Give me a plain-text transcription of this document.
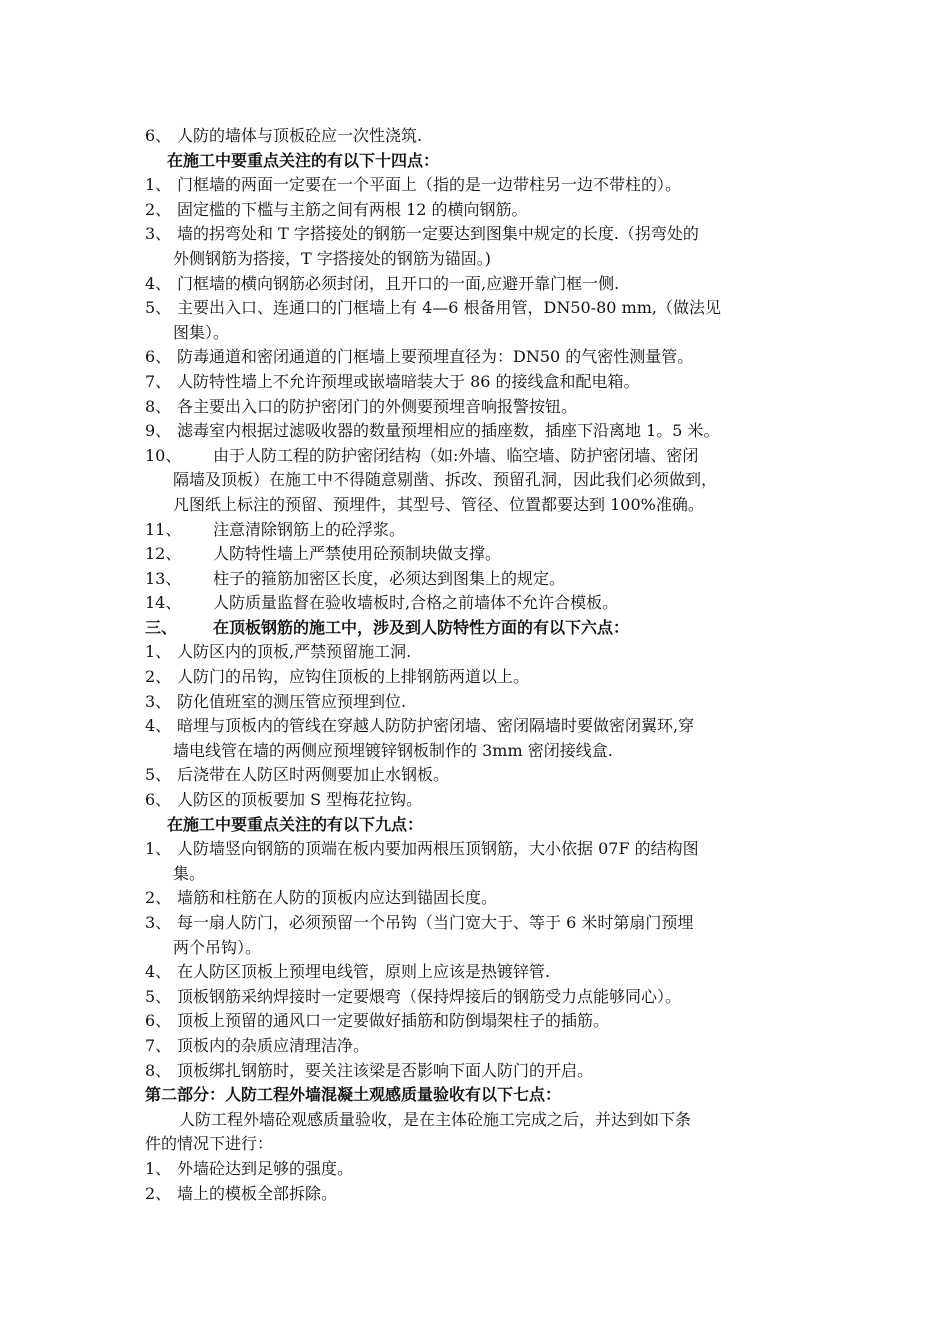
6、 人防的墙体与顶板砼应一次性浇筑.
在施工中要重点关注的有以下十四点：
1、 门框墙的两面一定要在一个平面上（指的是一边带柱另一边不带柱的）。
2、 固定槛的下槛与主筋之间有两根 12 的横向钢筋。
3、 墙的拐弯处和 T 字搭接处的钢筋一定要达到图集中规定的长度.（拐弯处的
外侧钢筋为搭接，T 字搭接处的钢筋为锚固。)
4、 门框墙的横向钢筋必须封闭，且开口的一面,应避开靠门框一侧.
5、 主要出入口、连通口的门框墙上有 4—6 根备用管，DN50-80 mm,（做法见
图集）。
6、 防毒通道和密闭通道的门框墙上要预埋直径为：DN50 的气密性测量管。
7、 人防特性墙上不允许预埋或嵌墙暗装大于 86 的接线盒和配电箱。
8、 各主要出入口的防护密闭门的外侧要预埋音响报警按钮。
9、 滤毒室内根据过滤吸收器的数量预埋相应的插座数，插座下沿离地 1。5 米。
10、	由于人防工程的防护密闭结构（如:外墙、临空墙、防护密闭墙、密闭
隔墙及顶板）在施工中不得随意剔凿、拆改、预留孔洞，因此我们必须做到，
凡图纸上标注的预留、预埋件，其型号、管径、位置都要达到 100%准确。
11、	注意清除钢筋上的砼浮浆。
12、	人防特性墙上严禁使用砼预制块做支撑。
13、	柱子的箍筋加密区长度，必须达到图集上的规定。
14、	人防质量监督在验收墙板时,合格之前墙体不允许合模板。
三、	在顶板钢筋的施工中，涉及到人防特性方面的有以下六点：
1、 人防区内的顶板,严禁预留施工洞.
2、 人防门的吊钩，应钩住顶板的上排钢筋两道以上。
3、 防化值班室的测压管应预埋到位.
4、 暗埋与顶板内的管线在穿越人防防护密闭墙、密闭隔墙时要做密闭翼环,穿
墙电线管在墙的两侧应预埋镀锌钢板制作的 3mm 密闭接线盒.
5、 后浇带在人防区时两侧要加止水钢板。
6、 人防区的顶板要加 S 型梅花拉钩。
在施工中要重点关注的有以下九点：
1、 人防墙竖向钢筋的顶端在板内要加两根压顶钢筋，大小依据 07F 的结构图
集。
2、 墙筋和柱筋在人防的顶板内应达到锚固长度。
3、 每一扇人防门，必须预留一个吊钩（当门宽大于、等于 6 米时第扇门预埋
两个吊钩）。
4、 在人防区顶板上预埋电线管，原则上应该是热镀锌管.
5、 顶板钢筋采纳焊接时一定要煨弯（保持焊接后的钢筋受力点能够同心）。
6、 顶板上预留的通风口一定要做好插筋和防倒塌架柱子的插筋。
7、 顶板内的杂质应清理洁净。
8、 顶板绑扎钢筋时，要关注该梁是否影响下面人防门的开启。
第二部分：人防工程外墙混凝土观感质量验收有以下七点：
人防工程外墙砼观感质量验收，是在主体砼施工完成之后，并达到如下条
件的情况下进行：
1、 外墙砼达到足够的强度。
2、 墙上的模板全部拆除。
